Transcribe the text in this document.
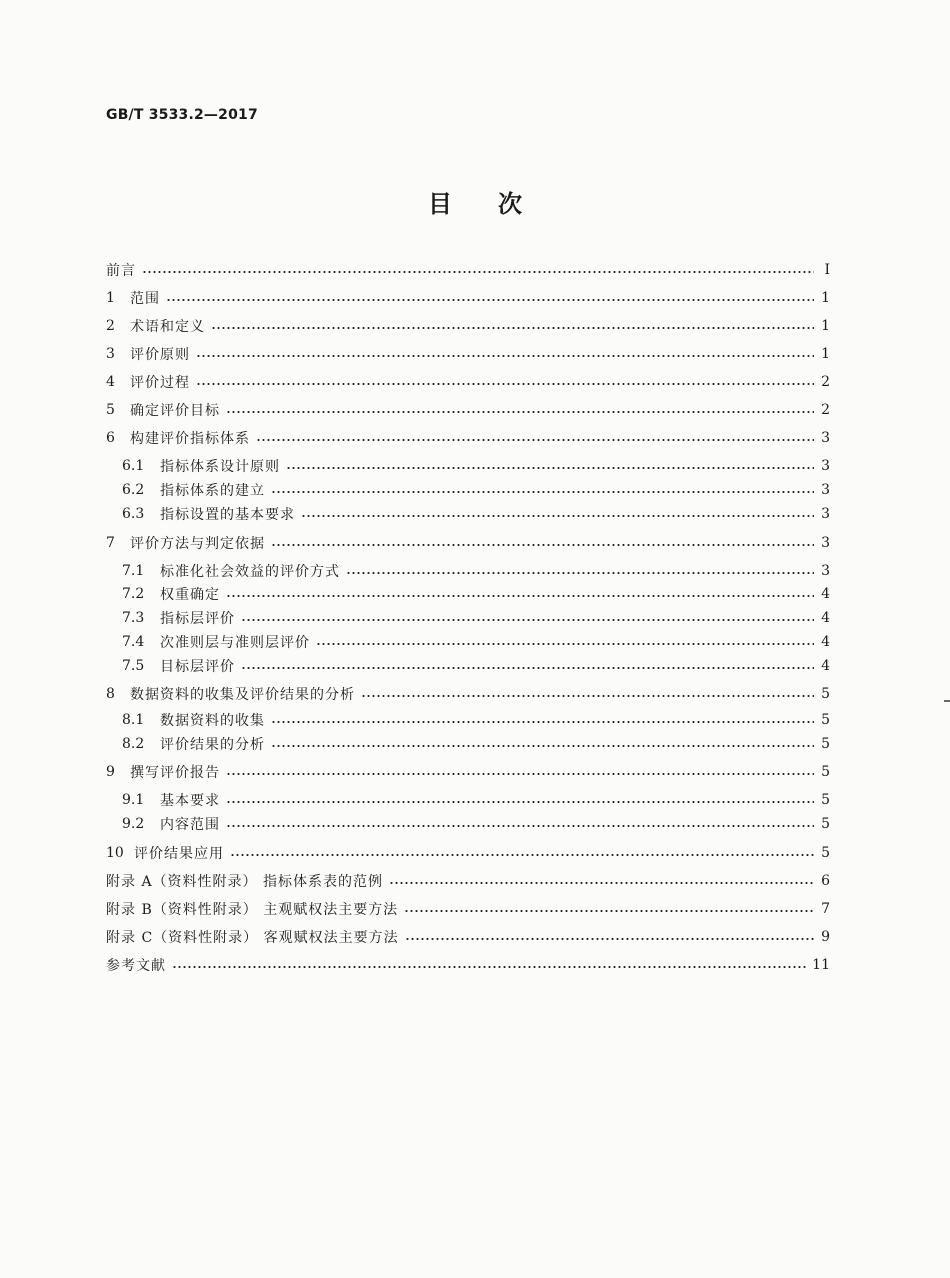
GB/T 3533.2—2017
目次
前言	Ⅰ
1	范围	1
2	术语和定义	1
3	评价原则	1
4	评价过程	2
5	确定评价目标	2
6	构建评价指标体系	3
6.1	指标体系设计原则	3
6.2	指标体系的建立	3
6.3	指标设置的基本要求	3
7	评价方法与判定依据	3
7.1	标准化社会效益的评价方式	3
7.2	权重确定	4
7.3	指标层评价	4
7.4	次准则层与准则层评价	4
7.5	目标层评价	4
8	数据资料的收集及评价结果的分析	5
8.1	数据资料的收集	5
8.2	评价结果的分析	5
9	撰写评价报告	5
9.1	基本要求	5
9.2	内容范围	5
10 评价结果应用	5
附录 A（资料性附录） 指标体系表的范例	6
附录 B（资料性附录） 主观赋权法主要方法	7
附录 C（资料性附录） 客观赋权法主要方法	9
参考文献	11
